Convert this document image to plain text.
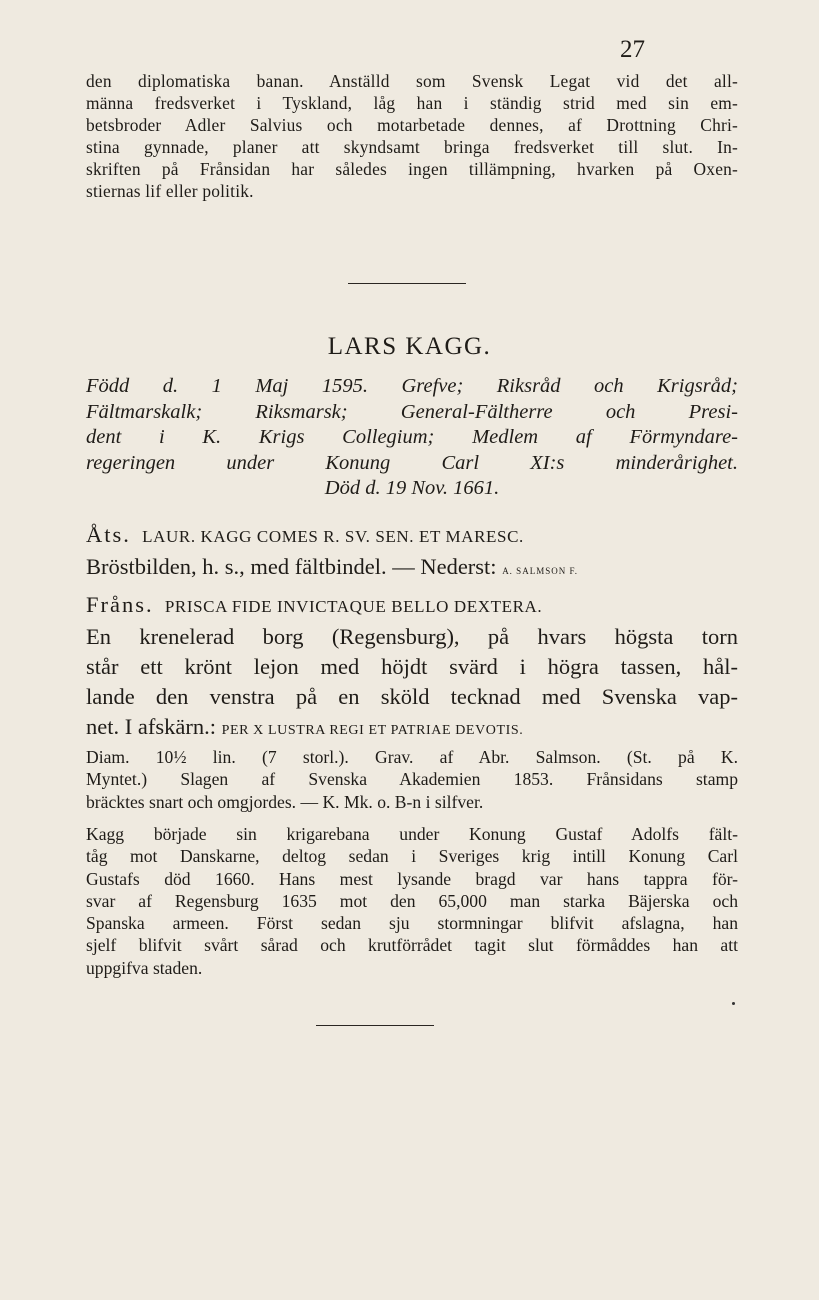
27
den diplomatiska banan. Anställd som Svensk Legat vid det all-
männa fredsverket i Tyskland, låg han i ständig strid med sin em-
betsbroder Adler Salvius och motarbetade dennes, af Drottning Chri-
stina gynnade, planer att skyndsamt bringa fredsverket till slut. In-
skriften på Frånsidan har således ingen tillämpning, hvarken på Oxen-
stiernas lif eller politik.
LARS KAGG.
Född d. 1 Maj 1595. Grefve; Riksråd och Krigsråd;
Fältmarskalk; Riksmarsk; General-Fältherre och Presi-
dent i K. Krigs Collegium; Medlem af Förmyndare-
regeringen under Konung Carl XI:s minderårighet.
Död d. 19 Nov. 1661.
Åts. LAUR. KAGG COMES R. SV. SEN. ET MARESC.
Bröstbilden, h. s., med fältbindel. — Nederst: A. SALMSON F.
Fråns. PRISCA FIDE INVICTAQUE BELLO DEXTERA.
En krenelerad borg (Regensburg), på hvars högsta torn
står ett krönt lejon med höjdt svärd i högra tassen, hål-
lande den venstra på en sköld tecknad med Svenska vap-
net. I afskärn.: PER X LUSTRA REGI ET PATRIAE DEVOTIS.
Diam. 10½ lin. (7 storl.). Grav. af Abr. Salmson. (St. på K.
Myntet.) Slagen af Svenska Akademien 1853. Frånsidans stamp
bräcktes snart och omgjordes. — K. Mk. o. B-n i silfver.
Kagg började sin krigarebana under Konung Gustaf Adolfs fält-
tåg mot Danskarne, deltog sedan i Sveriges krig intill Konung Carl
Gustafs död 1660. Hans mest lysande bragd var hans tappra för-
svar af Regensburg 1635 mot den 65,000 man starka Bäjerska och
Spanska armeen. Först sedan sju stormningar blifvit afslagna, han
sjelf blifvit svårt sårad och krutförrådet tagit slut förmåddes han att
uppgifva staden.
